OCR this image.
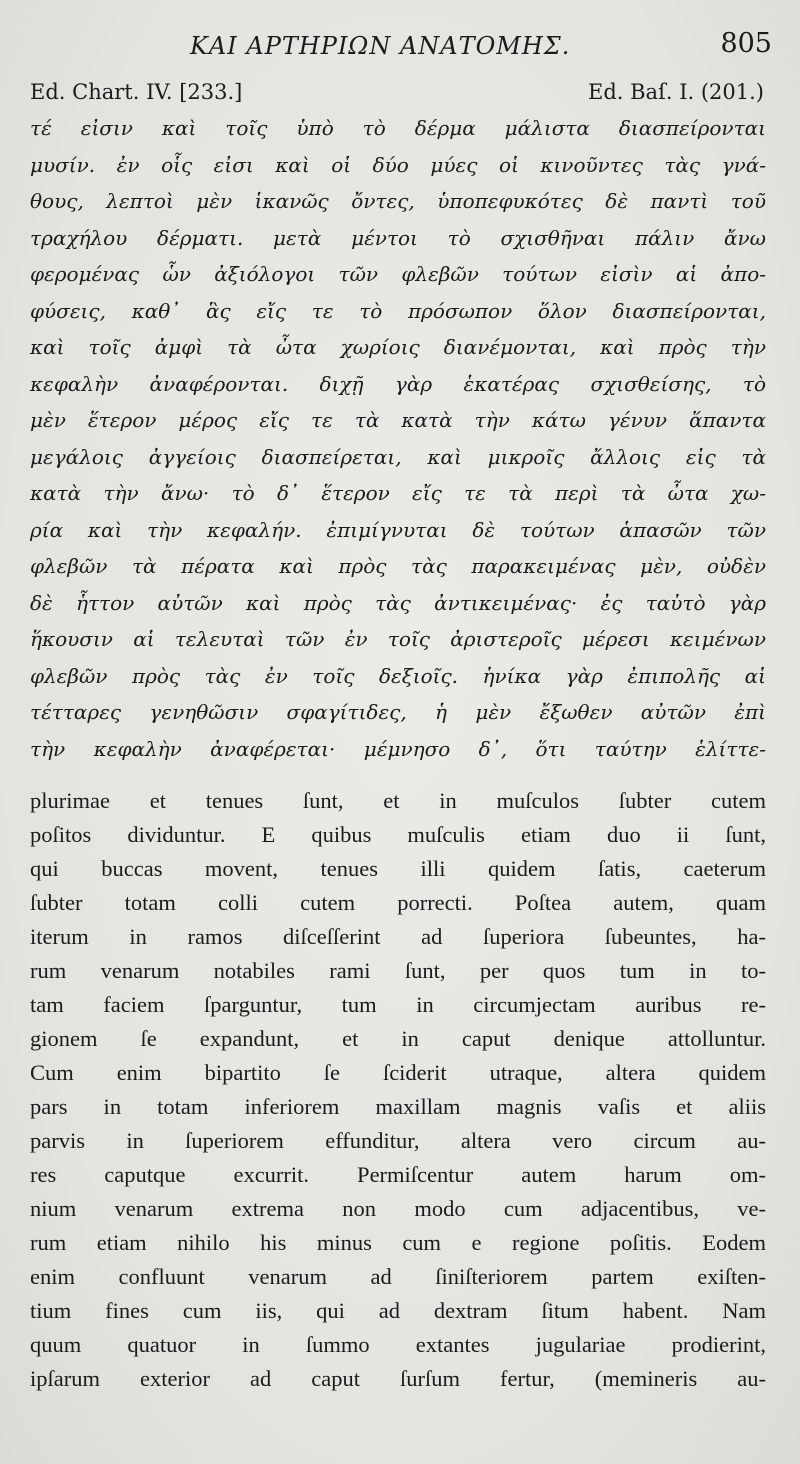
ΚΑΙ ΑΡΤΗΡΙΩΝ ΑΝΑΤΟΜΗΣ.	805
Ed. Chart. IV. [233.]	Ed. Baſ. I. (201.)
τέ εἰσιν καὶ τοῖς ὑπὸ τὸ δέρμα μάλιστα διασπείρονται
μυσίν. ἐν οἷς εἰσι καὶ οἱ δύο μύες οἱ κινοῦντες τὰς γνά-
θους, λεπτοὶ μὲν ἱκανῶς ὄντες, ὑποπεφυκότες δὲ παντὶ τοῦ
τραχήλου δέρματι. μετὰ μέντοι τὸ σχισθῆναι πάλιν ἄνω
φερομένας ὧν ἀξιόλογοι τῶν φλεβῶν τούτων εἰσὶν αἱ ἀπο-
φύσεις, καθ᾽ ἃς εἴς τε τὸ πρόσωπον ὅλον διασπείρονται,
καὶ τοῖς ἀμφὶ τὰ ὦτα χωρίοις διανέμονται, καὶ πρὸς τὴν
κεφαλὴν ἀναφέρονται. διχῇ γὰρ ἑκατέρας σχισθείσης, τὸ
μὲν ἕτερον μέρος εἴς τε τὰ κατὰ τὴν κάτω γένυν ἅπαντα
μεγάλοις ἀγγείοις διασπείρεται, καὶ μικροῖς ἄλλοις εἰς τὰ
κατὰ τὴν ἄνω· τὸ δ᾽ ἕτερον εἴς τε τὰ περὶ τὰ ὦτα χω-
ρία καὶ τὴν κεφαλήν. ἐπιμίγνυται δὲ τούτων ἁπασῶν τῶν
φλεβῶν τὰ πέρατα καὶ πρὸς τὰς παρακειμένας μὲν, οὐδὲν
δὲ ἧττον αὐτῶν καὶ πρὸς τὰς ἀντικειμένας· ἐς ταὐτὸ γὰρ
ἥκουσιν αἱ τελευταὶ τῶν ἐν τοῖς ἀριστεροῖς μέρεσι κειμένων
φλεβῶν πρὸς τὰς ἐν τοῖς δεξιοῖς. ἡνίκα γὰρ ἐπιπολῆς αἱ
τέτταρες γενηθῶσιν σφαγίτιδες, ἡ μὲν ἔξωθεν αὐτῶν ἐπὶ
τὴν κεφαλὴν ἀναφέρεται· μέμνησο δ᾽, ὅτι ταύτην ἑλίττε-
plurimae et tenues ſunt, et in muſculos ſubter cutem
poſitos dividuntur. E quibus muſculis etiam duo ii ſunt,
qui buccas movent, tenues illi quidem ſatis, caeterum
ſubter totam colli cutem porrecti. Poſtea autem, quam
iterum in ramos diſceſſerint ad ſuperiora ſubeuntes, ha-
rum venarum notabiles rami ſunt, per quos tum in to-
tam faciem ſparguntur, tum in circumjectam auribus re-
gionem ſe expandunt, et in caput denique attolluntur.
Cum enim bipartito ſe ſciderit utraque, altera quidem
pars in totam inferiorem maxillam magnis vaſis et aliis
parvis in ſuperiorem effunditur, altera vero circum au-
res caputque excurrit. Permiſcentur autem harum om-
nium venarum extrema non modo cum adjacentibus, ve-
rum etiam nihilo his minus cum e regione poſitis. Eodem
enim confluunt venarum ad ſiniſteriorem partem exiſten-
tium fines cum iis, qui ad dextram ſitum habent. Nam
quum quatuor in ſummo extantes jugulariae prodierint,
ipſarum exterior ad caput ſurſum fertur, (memineris au-
